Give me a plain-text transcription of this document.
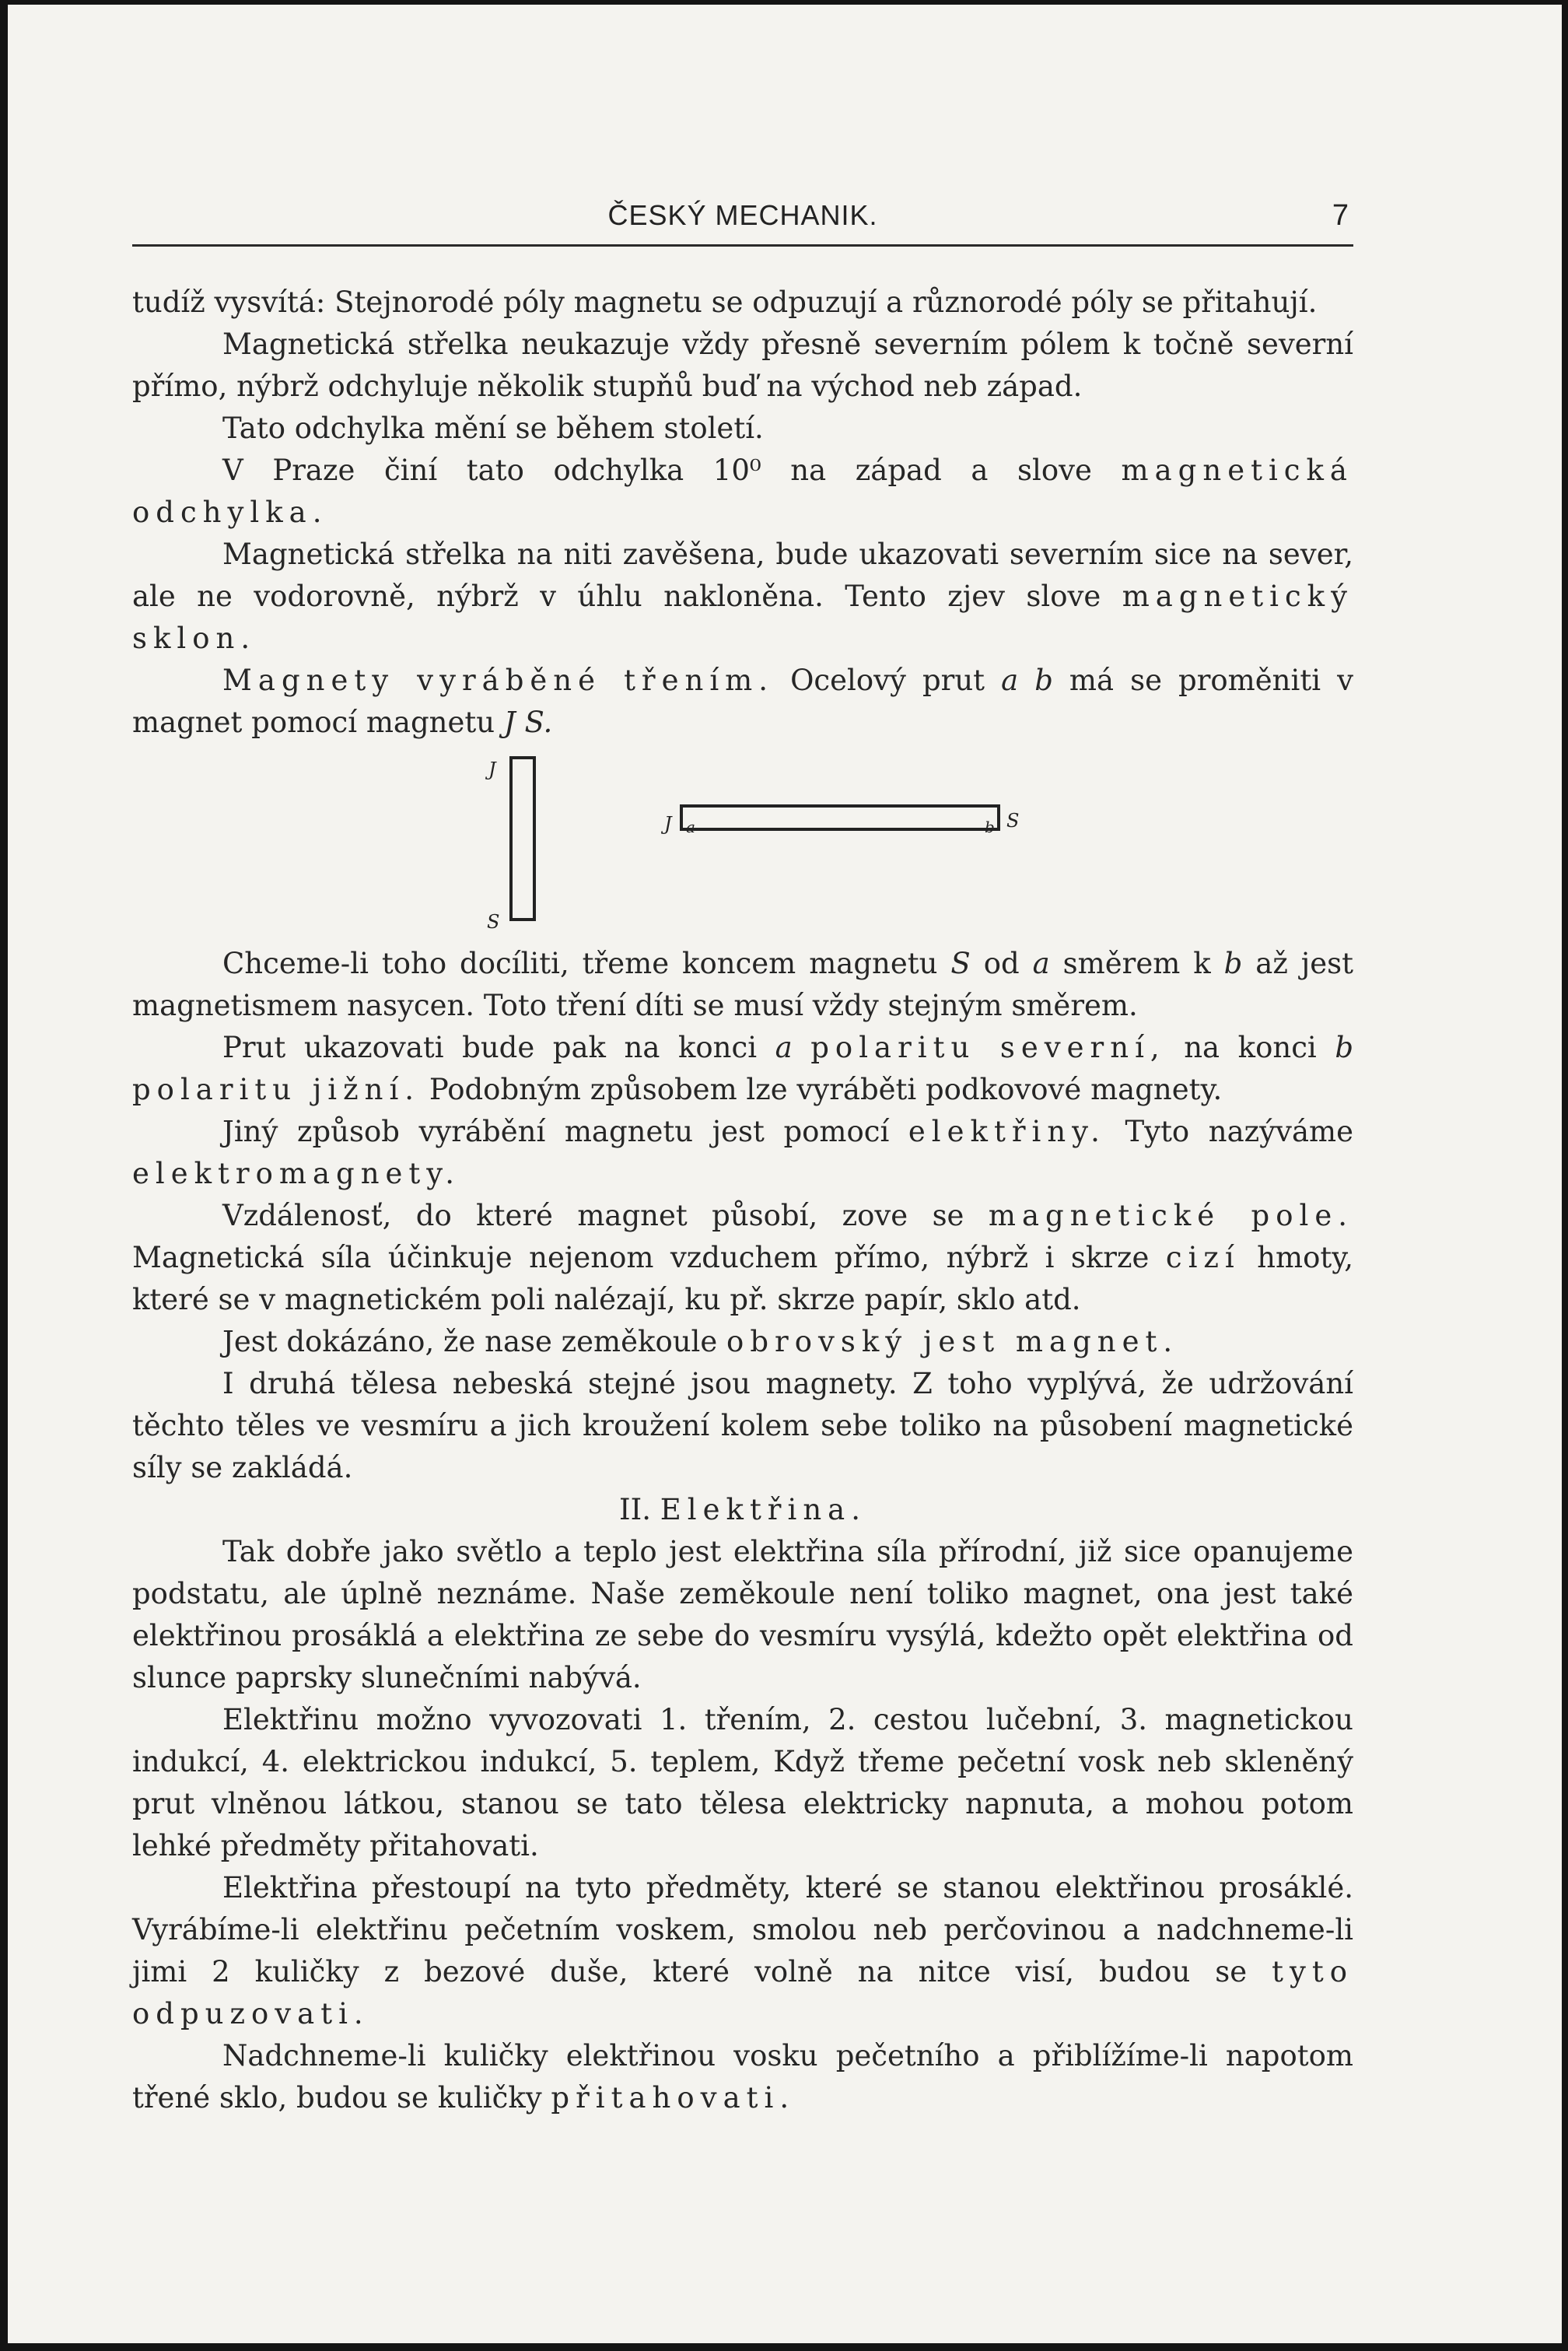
ČESKÝ MECHANIK.	7

tudíž vysvítá: Stejnorodé póly magnetu se odpuzují a různorodé póly se přitahují.

Magnetická střelka neukazuje vždy přesně severním pólem k točně severní přímo, nýbrž odchyluje několik stupňů buď na východ neb západ.

Tato odchylka mění se během století.

V Praze činí tato odchylka 10⁰ na západ a slove magnetická odchylka.

Magnetická střelka na niti zavěšena, bude ukazovati severním sice na sever, ale ne vodorovně, nýbrž v úhlu nakloněna. Tento zjev slove magnetický sklon.

Magnety vyráběné třením. Ocelový prut a b má se proměniti v magnet pomocí magnetu J S.

J
S
J a	b S

Chceme-li toho docíliti, třeme koncem magnetu S od a směrem k b až jest magnetismem nasycen. Toto tření díti se musí vždy stejným směrem.

Prut ukazovati bude pak na konci a polaritu severní, na konci b polaritu jižní. Podobným způsobem lze vyráběti podkovové magnety.

Jiný způsob vyrábění magnetu jest pomocí elektřiny. Tyto nazýváme elektromagnety.

Vzdálenosť, do které magnet působí, zove se magnetické pole. Magnetická síla účinkuje nejenom vzduchem přímo, nýbrž i skrze cizí hmoty, které se v magnetickém poli nalézají, ku př. skrze papír, sklo atd.

Jest dokázáno, že nase zeměkoule obrovský jest magnet.

I druhá tělesa nebeská stejné jsou magnety. Z toho vyplývá, že udržování těchto těles ve vesmíru a jich kroužení kolem sebe toliko na působení magnetické síly se zakládá.

II. Elektřina.

Tak dobře jako světlo a teplo jest elektřina síla přírodní, již sice opanujeme podstatu, ale úplně neznáme. Naše zeměkoule není toliko magnet, ona jest také elektřinou prosáklá a elektřina ze sebe do vesmíru vysýlá, kdežto opět elektřina od slunce paprsky slunečními nabývá.

Elektřinu možno vyvozovati 1. třením, 2. cestou lučební, 3. magnetickou indukcí, 4. elektrickou indukcí, 5. teplem, Když třeme pečetní vosk neb skleněný prut vlněnou látkou, stanou se tato tělesa elektricky napnuta, a mohou potom lehké předměty přitahovati.

Elektřina přestoupí na tyto předměty, které se stanou elektřinou prosáklé. Vyrábíme-li elektřinu pečetním voskem, smolou neb perčovinou a nadchneme-li jimi 2 kuličky z bezové duše, které volně na nitce visí, budou se tyto odpuzovati.

Nadchneme-li kuličky elektřinou vosku pečetního a přiblížíme-li napotom třené sklo, budou se kuličky přitahovati.
